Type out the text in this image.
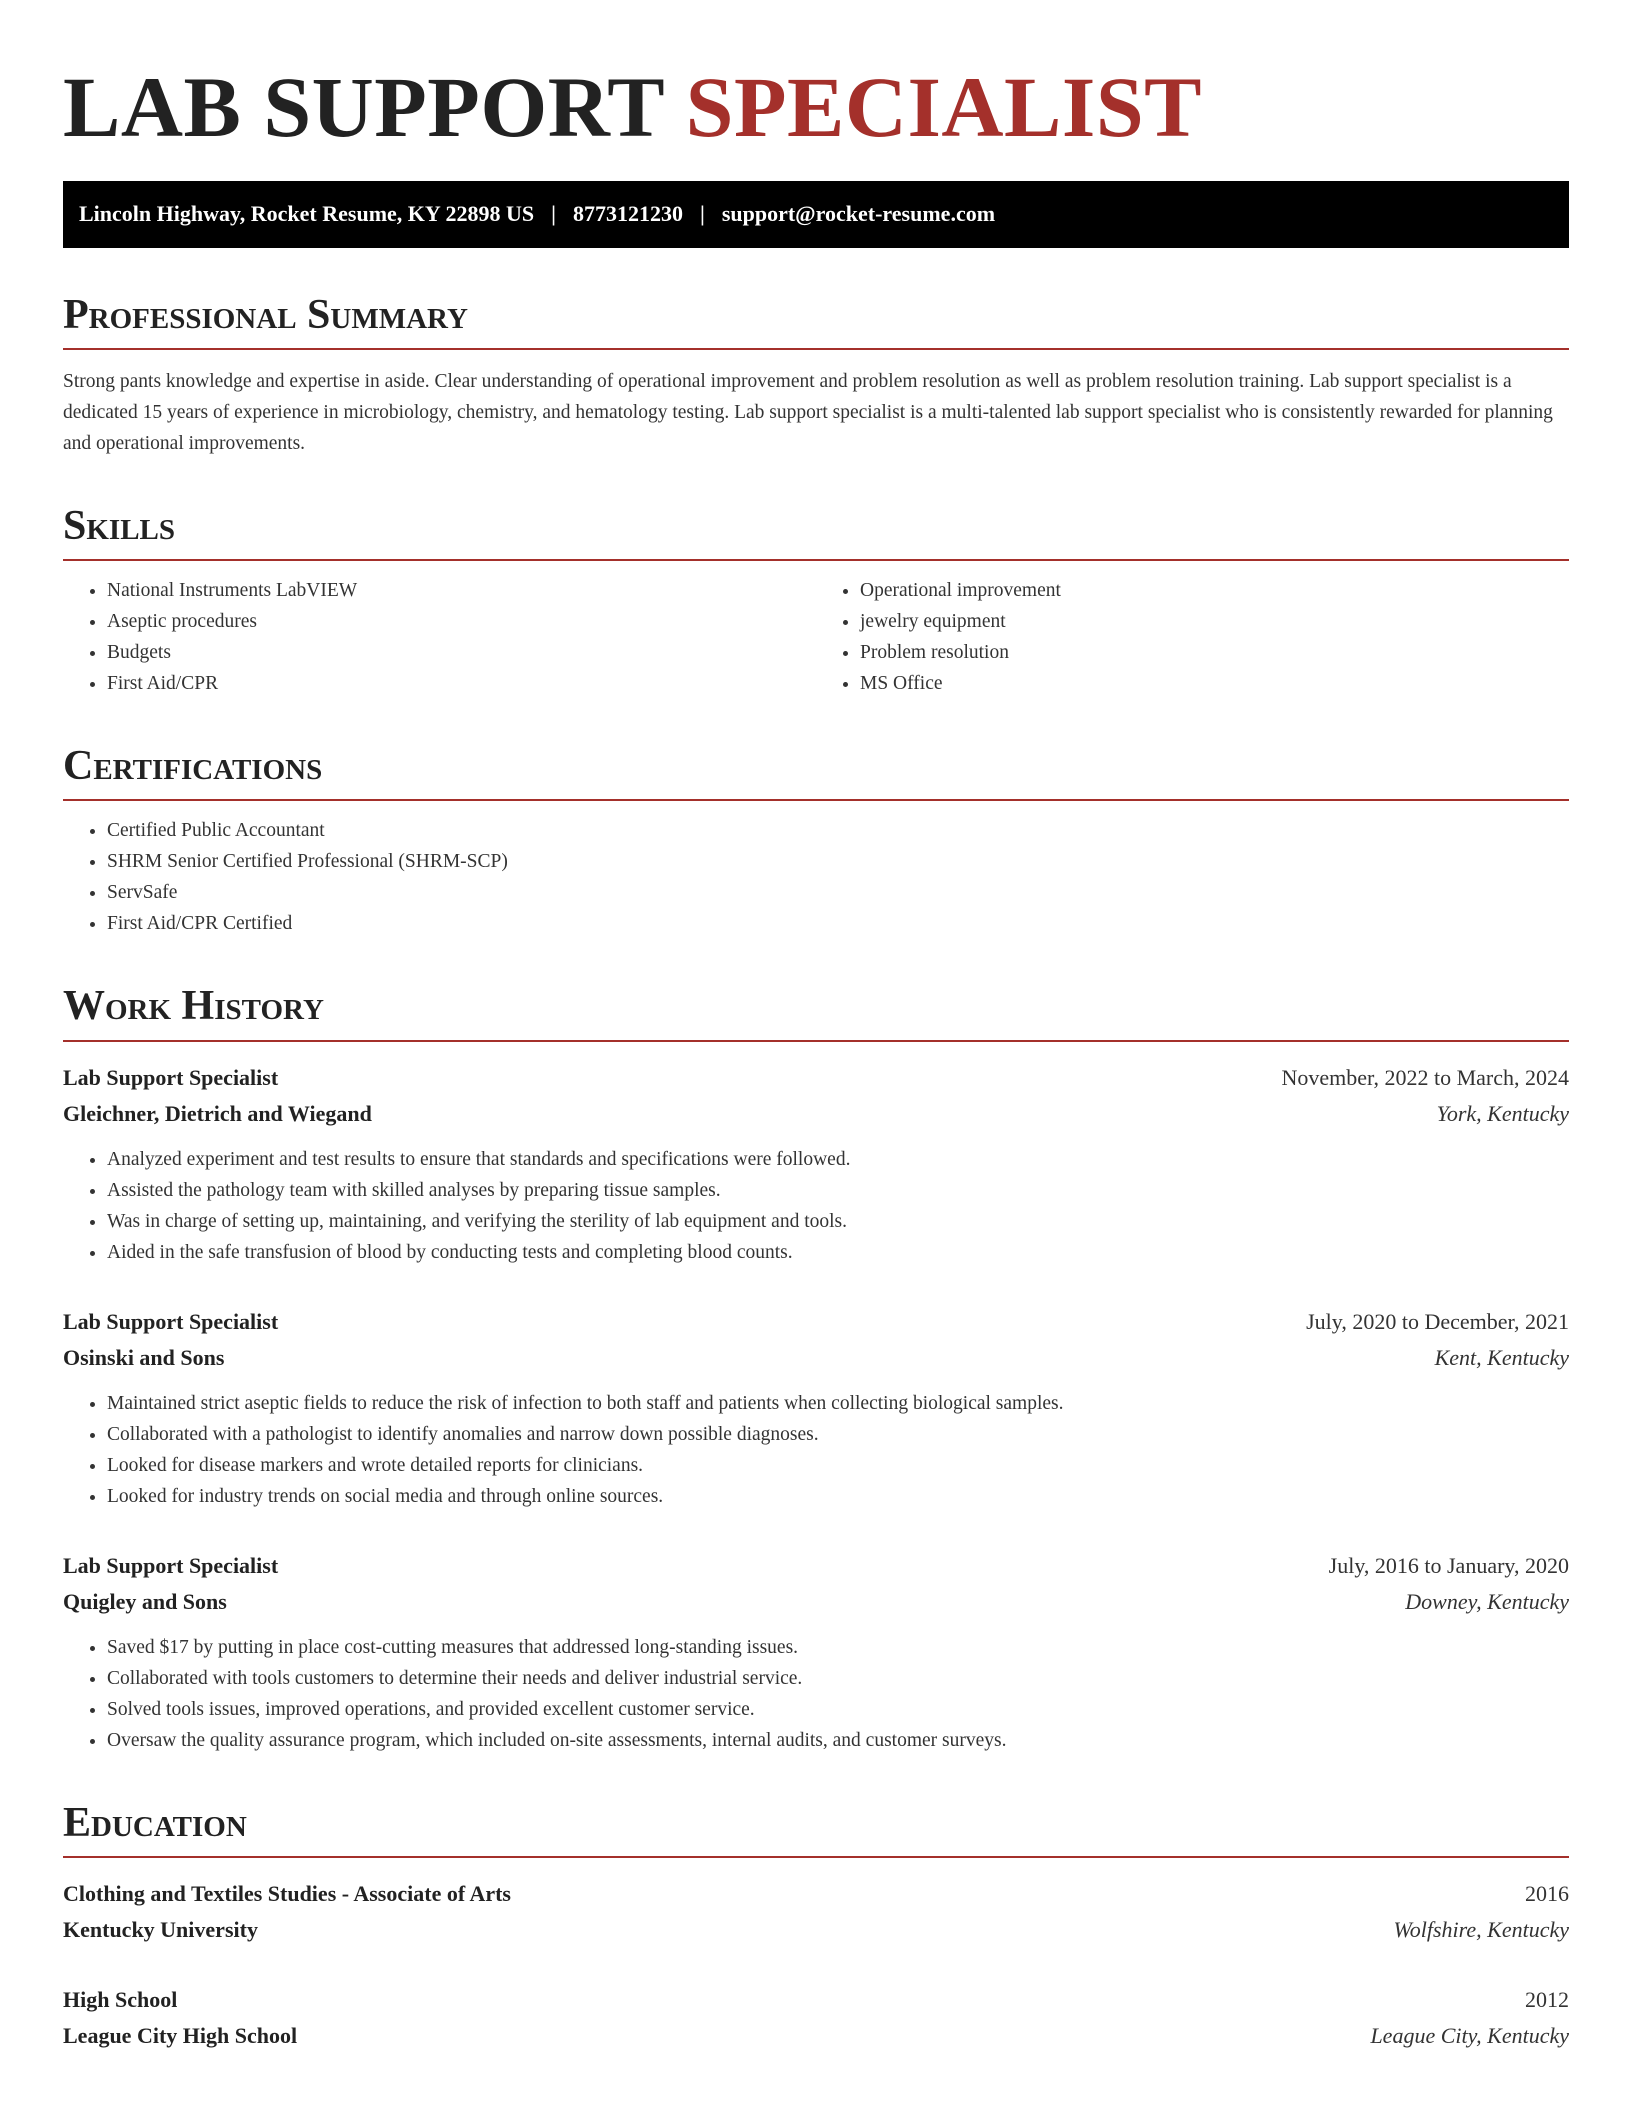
LAB SUPPORT SPECIALIST
Lincoln Highway, Rocket Resume, KY 22898 US | 8773121230 | support@rocket-resume.com
Professional Summary

Strong pants knowledge and expertise in aside. Clear understanding of operational improvement and problem resolution as well as problem resolution training. Lab support specialist is a dedicated 15 years of experience in microbiology, chemistry, and hematology testing. Lab support specialist is a multi-talented lab support specialist who is consistently rewarded for planning and operational improvements.

Skills
• National Instruments LabVIEW
• Aseptic procedures
• Budgets
• First Aid/CPR
• Operational improvement
• jewelry equipment
• Problem resolution
• MS Office
Certifications
• Certified Public Accountant
• SHRM Senior Certified Professional (SHRM-SCP)
• ServSafe
• First Aid/CPR Certified
Work History
Lab Support Specialist	November, 2022 to March, 2024
Gleichner, Dietrich and Wiegand	York, Kentucky
• Analyzed experiment and test results to ensure that standards and specifications were followed.
• Assisted the pathology team with skilled analyses by preparing tissue samples.
• Was in charge of setting up, maintaining, and verifying the sterility of lab equipment and tools.
• Aided in the safe transfusion of blood by conducting tests and completing blood counts.
Lab Support Specialist	July, 2020 to December, 2021
Osinski and Sons	Kent, Kentucky
• Maintained strict aseptic fields to reduce the risk of infection to both staff and patients when collecting biological samples.
• Collaborated with a pathologist to identify anomalies and narrow down possible diagnoses.
• Looked for disease markers and wrote detailed reports for clinicians.
• Looked for industry trends on social media and through online sources.
Lab Support Specialist	July, 2016 to January, 2020
Quigley and Sons	Downey, Kentucky
• Saved $17 by putting in place cost-cutting measures that addressed long-standing issues.
• Collaborated with tools customers to determine their needs and deliver industrial service.
• Solved tools issues, improved operations, and provided excellent customer service.
• Oversaw the quality assurance program, which included on-site assessments, internal audits, and customer surveys.
Education
Clothing and Textiles Studies - Associate of Arts	2016
Kentucky University	Wolfshire, Kentucky
High School	2012
League City High School	League City, Kentucky
